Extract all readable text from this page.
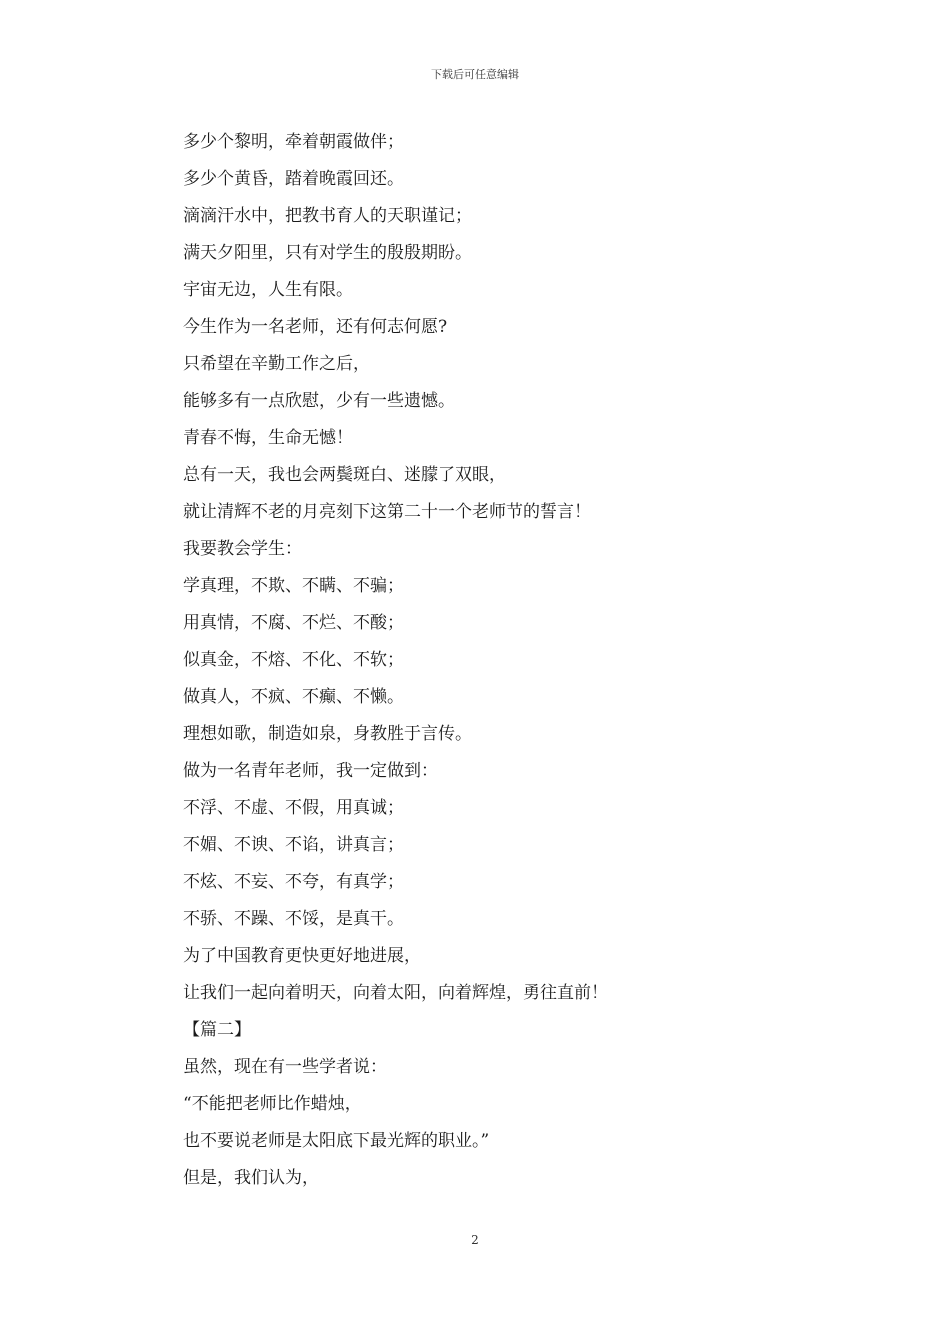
下载后可任意编辑
多少个黎明，牵着朝霞做伴；
多少个黄昏，踏着晚霞回还。
滴滴汗水中，把教书育人的天职谨记；
满天夕阳里，只有对学生的殷殷期盼。
宇宙无边，人生有限。
今生作为一名老师，还有何志何愿?
只希望在辛勤工作之后，
能够多有一点欣慰，少有一些遗憾。
青春不悔，生命无憾！
总有一天，我也会两鬓斑白、迷朦了双眼，
就让清辉不老的月亮刻下这第二十一个老师节的誓言！
我要教会学生：
学真理，不欺、不瞒、不骗；
用真情，不腐、不烂、不酸；
似真金，不熔、不化、不软；
做真人，不疯、不癫、不懒。
理想如歌，制造如泉，身教胜于言传。
做为一名青年老师，我一定做到：
不浮、不虚、不假，用真诚；
不媚、不谀、不谄，讲真言；
不炫、不妄、不夸，有真学；
不骄、不躁、不馁，是真干。
为了中国教育更快更好地进展，
让我们一起向着明天，向着太阳，向着辉煌，勇往直前！
【篇二】
虽然，现在有一些学者说：
“不能把老师比作蜡烛，
也不要说老师是太阳底下最光辉的职业。”
但是，我们认为，
2
